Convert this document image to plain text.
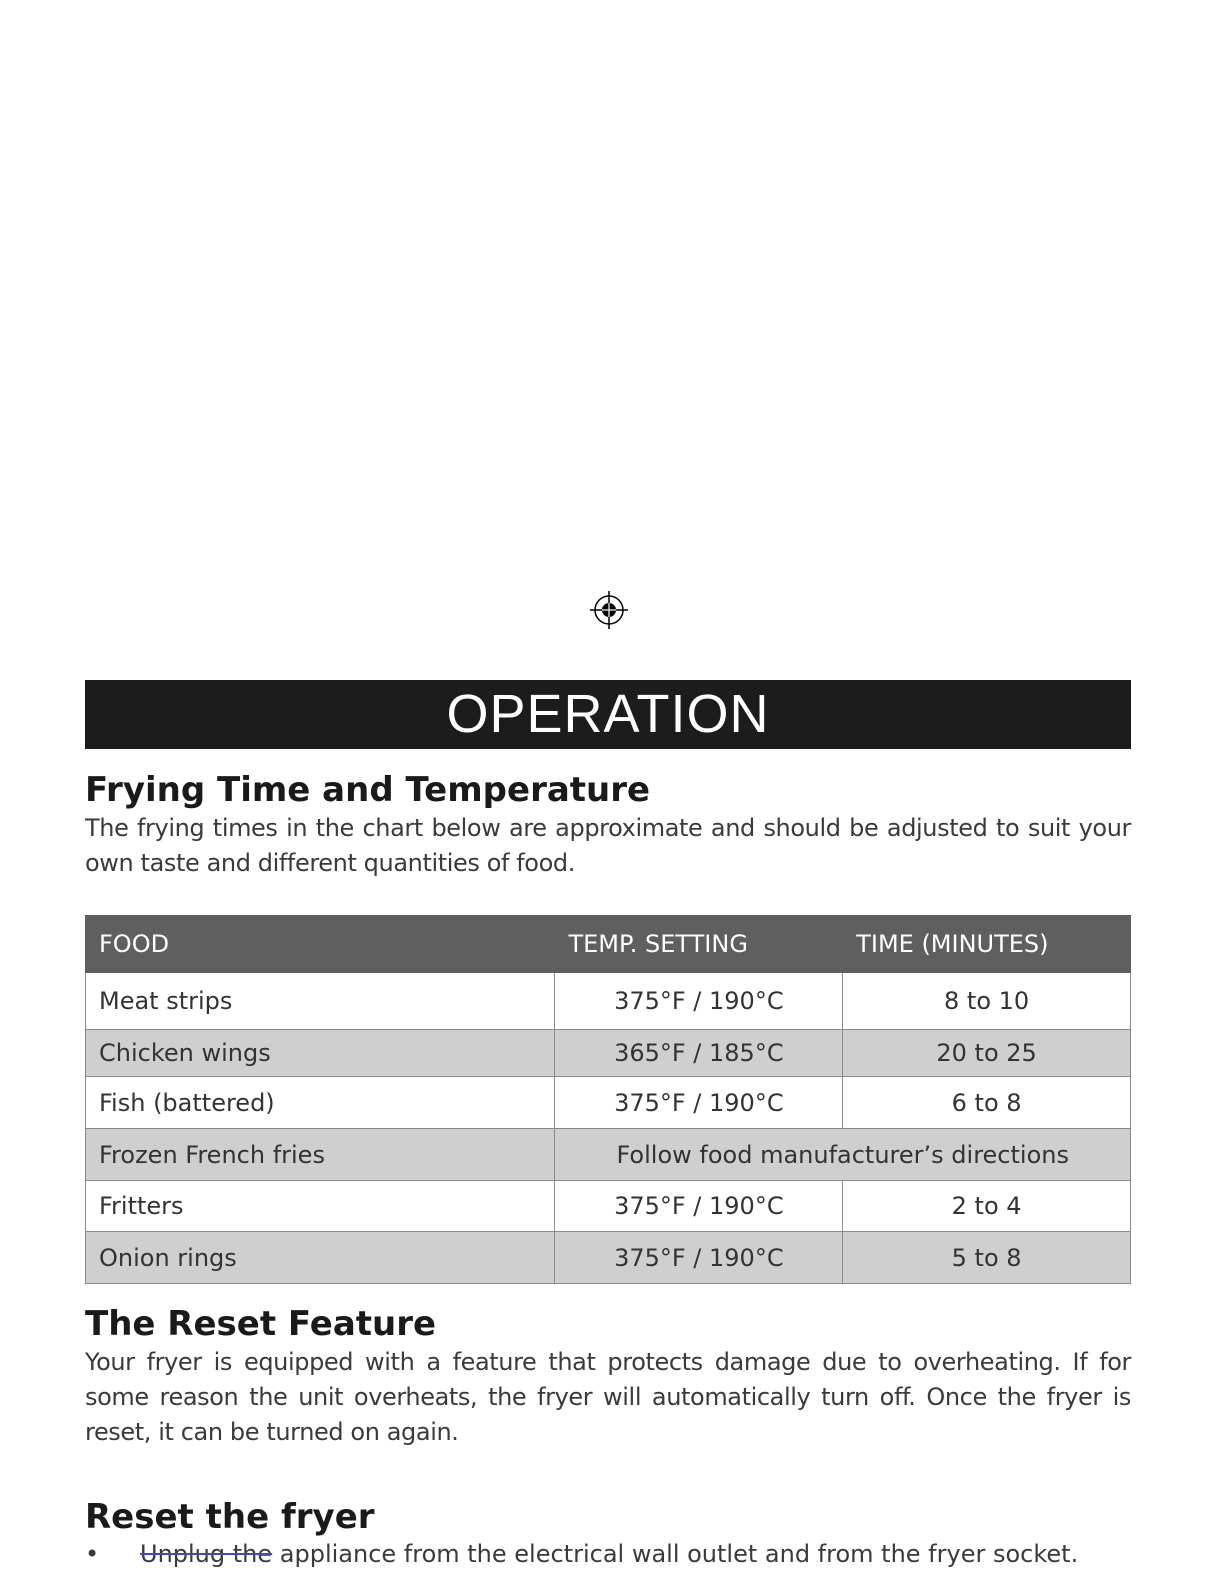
OPERATION
Frying Time and Temperature

The frying times in the chart below are approximate and should be adjusted to suit your own taste and different quantities of food.

FOOD	TEMP. SETTING	TIME (MINUTES)
Meat strips	375°F / 190°C	8 to 10
Chicken wings	365°F / 185°C	20 to 25
Fish (battered)	375°F / 190°C	6 to 8
Frozen French fries	Follow food manufacturer’s directions	
Fritters	375°F / 190°C	2 to 4
Onion rings	375°F / 190°C	5 to 8
The Reset Feature

Your fryer is equipped with a feature that protects damage due to overheating. If for some reason the unit overheats, the fryer will automatically turn off. Once the fryer is reset, it can be turned on again.

Reset the fryer
• Unplug the appliance from the electrical wall outlet and from the fryer socket.
